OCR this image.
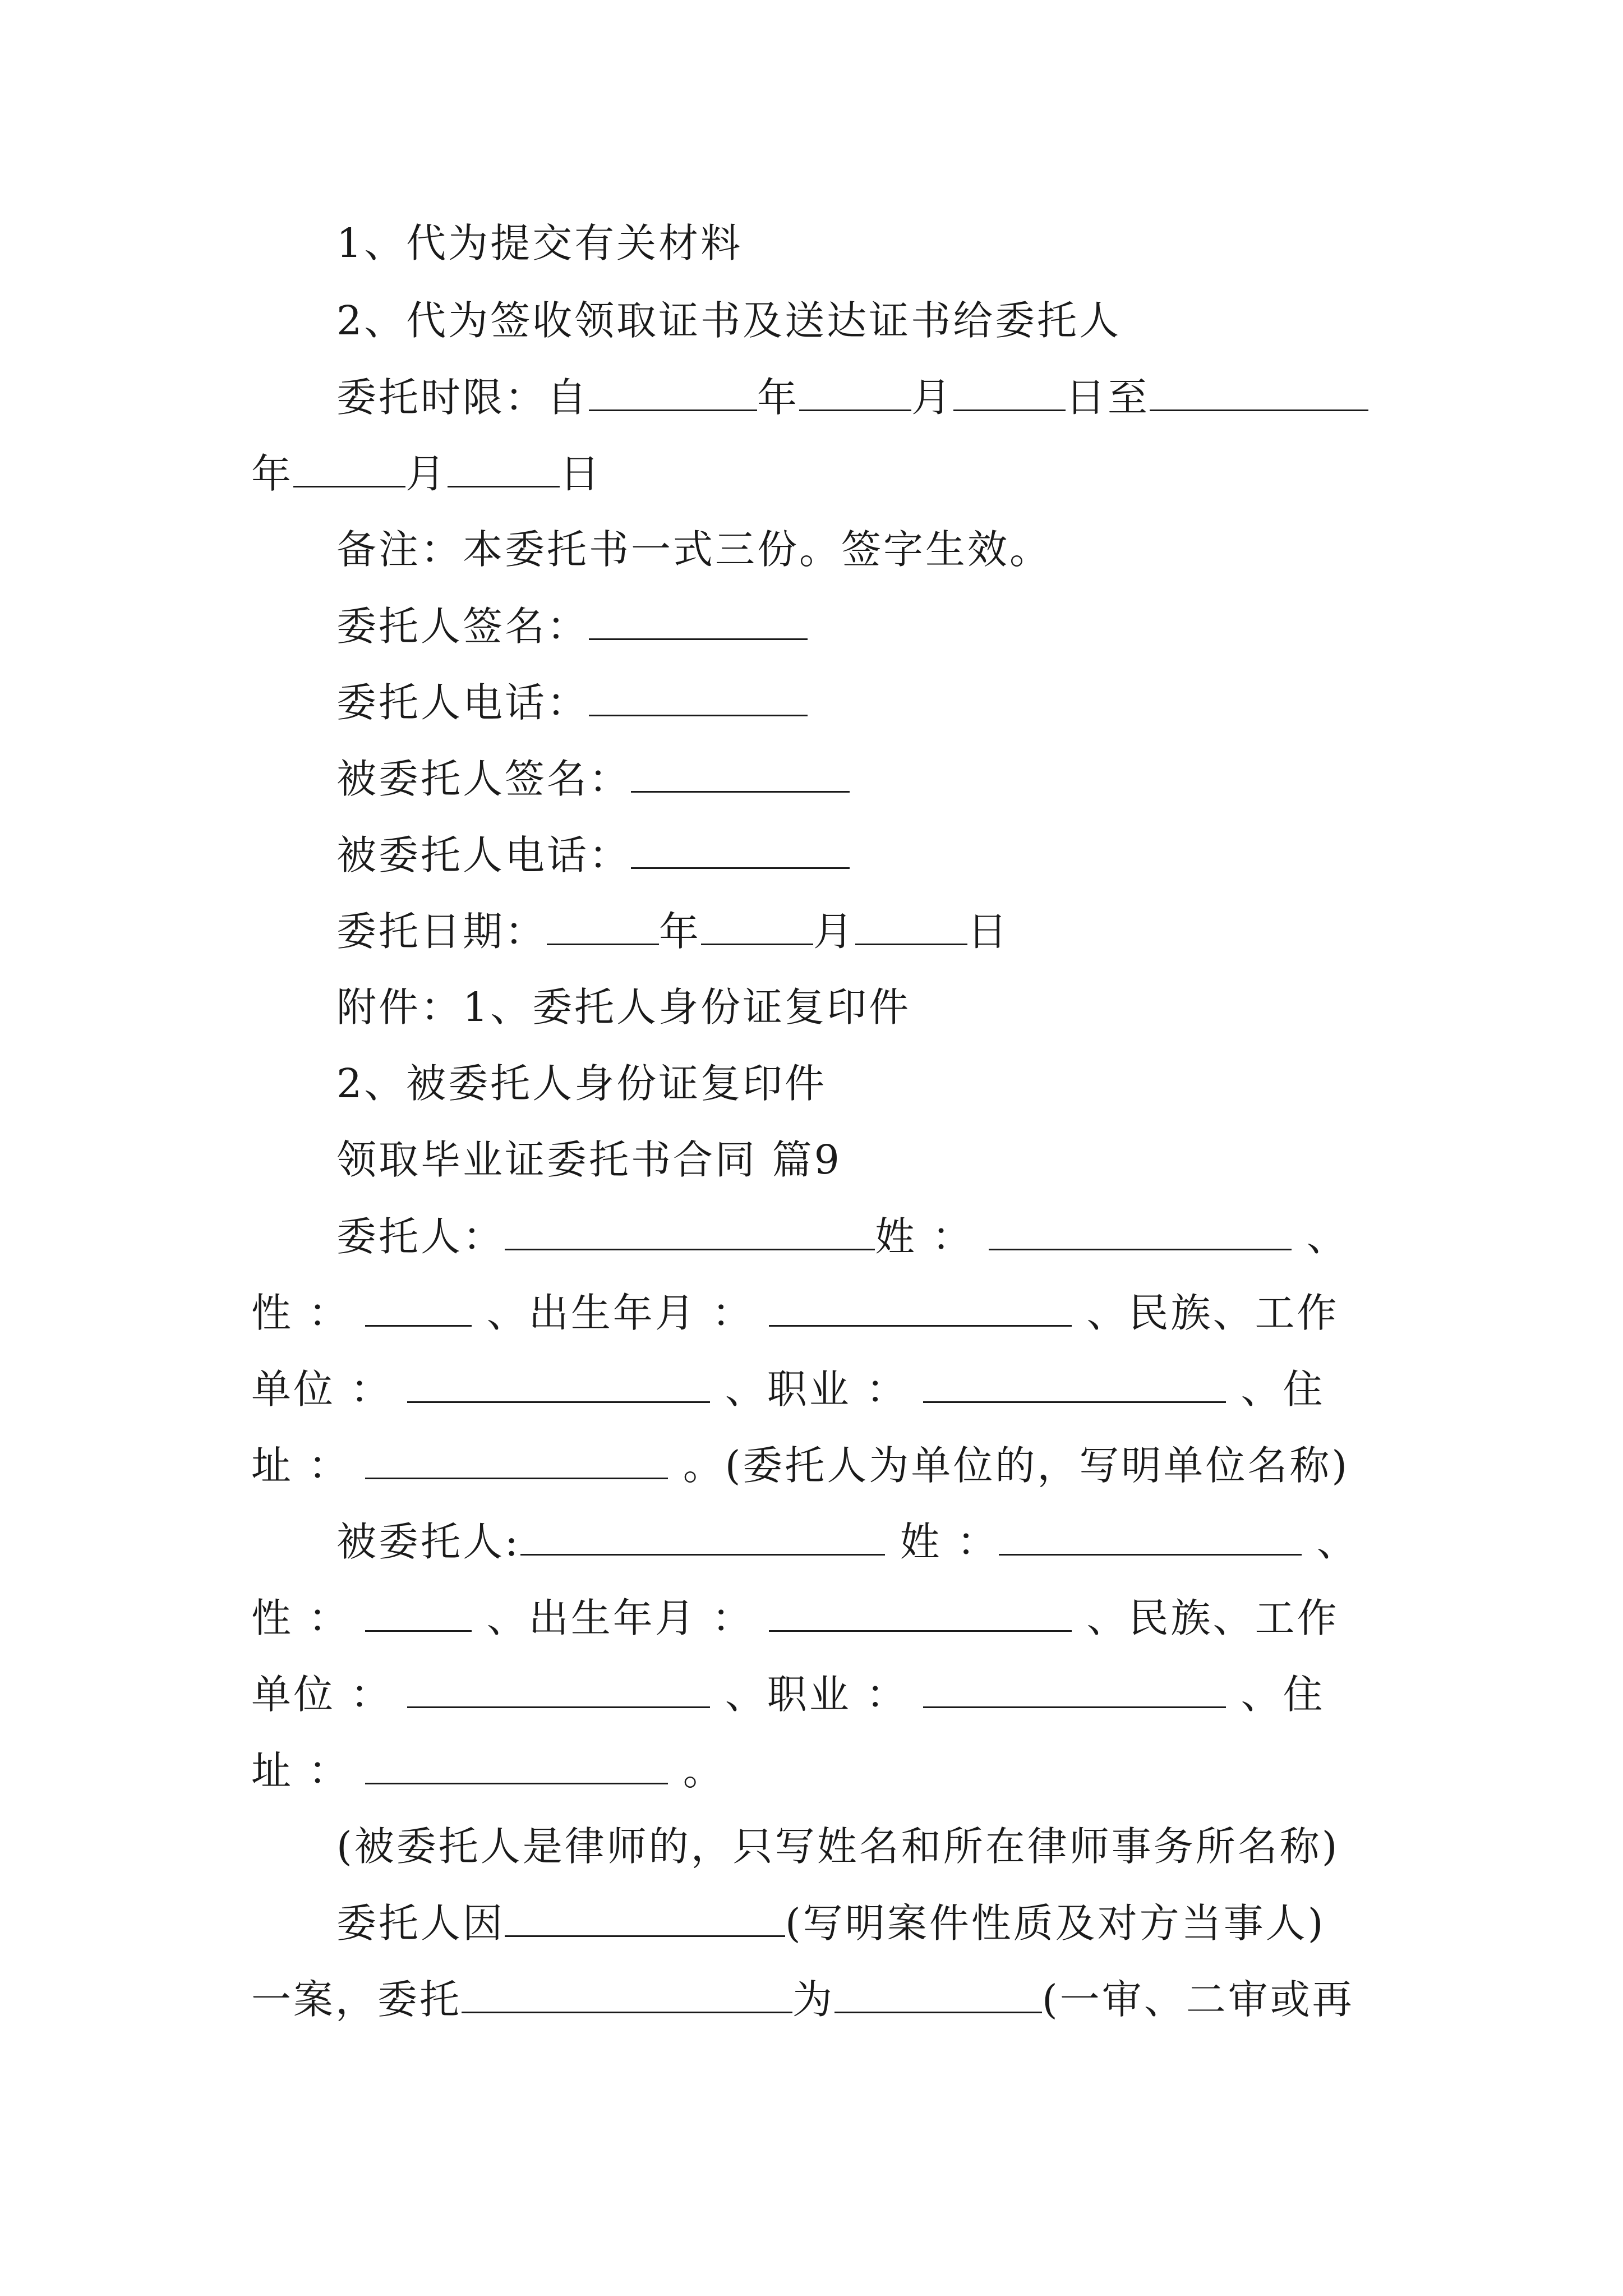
1、代为提交有关材料
2、代为签收领取证书及送达证书给委托人
委托时限：自	年	月	日至
年	月	日
备注：本委托书一式三份。签字生效。
委托人签名：
委托人电话：
被委托人签名：
被委托人电话：
委托日期：	年	月	日
附件：1、委托人身份证复印件
2、被委托人身份证复印件
领取毕业证委托书合同 篇9
委托人：	姓 ：	、
性 ：	、出生年月 ：	、民族、工作
单位 ：	、职业 ：	、住
址 ：	。(委托人为单位的，写明单位名称)
被委托人:	姓 ：	、
性 ：	、出生年月 ：	、民族、工作
单位 ：	、职业 ：	、住
址 ：	。
(被委托人是律师的，只写姓名和所在律师事务所名称)
委托人因	(写明案件性质及对方当事人)
一案，委托	为	(一审、二审或再
